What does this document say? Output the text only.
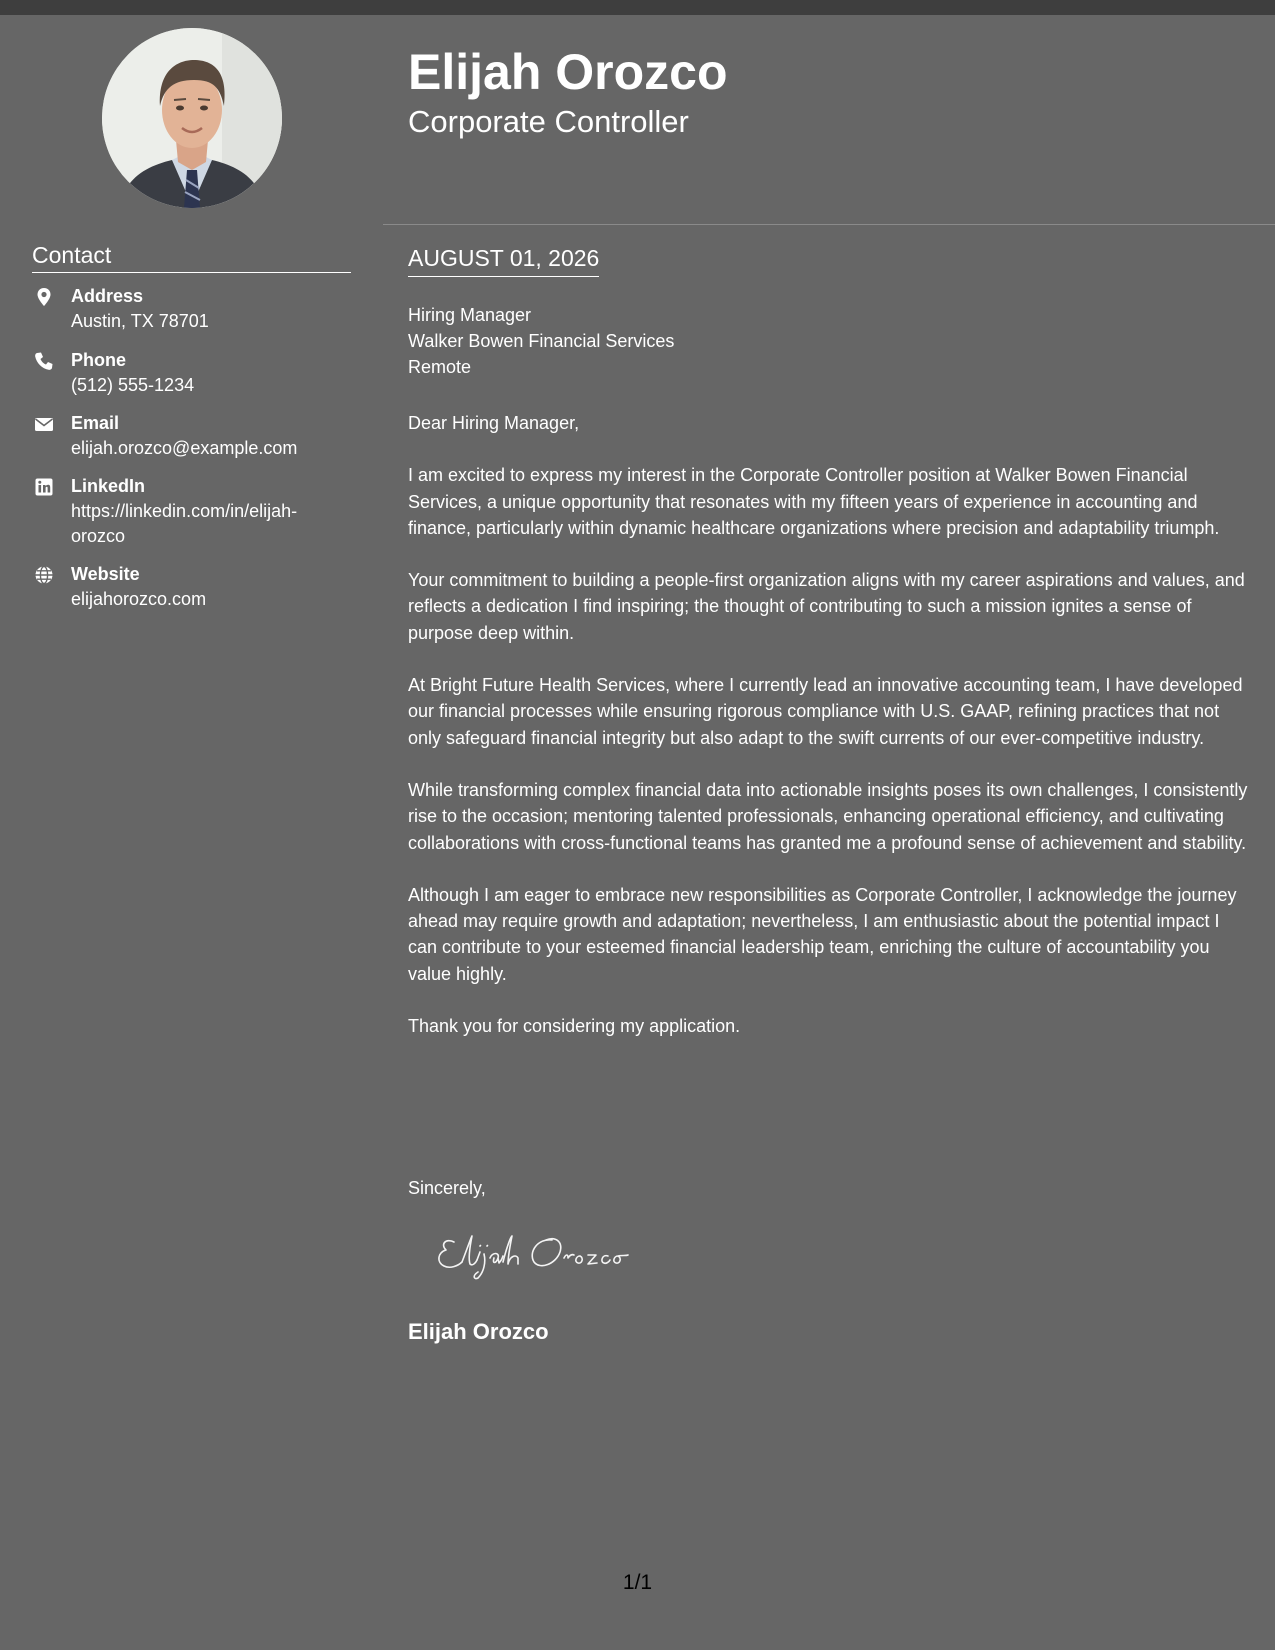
Contact
Address
Austin, TX 78701
Phone
(512) 555-1234
Email
elijah.orozco@example.com
LinkedIn
https://linkedin.com/in/elijah-orozco
Website
elijahorozco.com
Elijah Orozco
Corporate Controller
AUGUST 01, 2026
Hiring Manager
Walker Bowen Financial Services
Remote

Dear Hiring Manager,

I am excited to express my interest in the Corporate Controller position at Walker Bowen Financial Services, a unique opportunity that resonates with my fifteen years of experience in accounting and finance, particularly within dynamic healthcare organizations where precision and adaptability triumph.

Your commitment to building a people-first organization aligns with my career aspirations and values, and reflects a dedication I find inspiring; the thought of contributing to such a mission ignites a sense of purpose deep within.

At Bright Future Health Services, where I currently lead an innovative accounting team, I have developed our financial processes while ensuring rigorous compliance with U.S. GAAP, refining practices that not only safeguard financial integrity but also adapt to the swift currents of our ever-competitive industry.

While transforming complex financial data into actionable insights poses its own challenges, I consistently rise to the occasion; mentoring talented professionals, enhancing operational efficiency, and cultivating collaborations with cross-functional teams has granted me a profound sense of achievement and stability.

Although I am eager to embrace new responsibilities as Corporate Controller, I acknowledge the journey ahead may require growth and adaptation; nevertheless, I am enthusiastic about the potential impact I can contribute to your esteemed financial leadership team, enriching the culture of accountability you value highly.

Thank you for considering my application.

Sincerely,
Elijah Orozco
1/1
